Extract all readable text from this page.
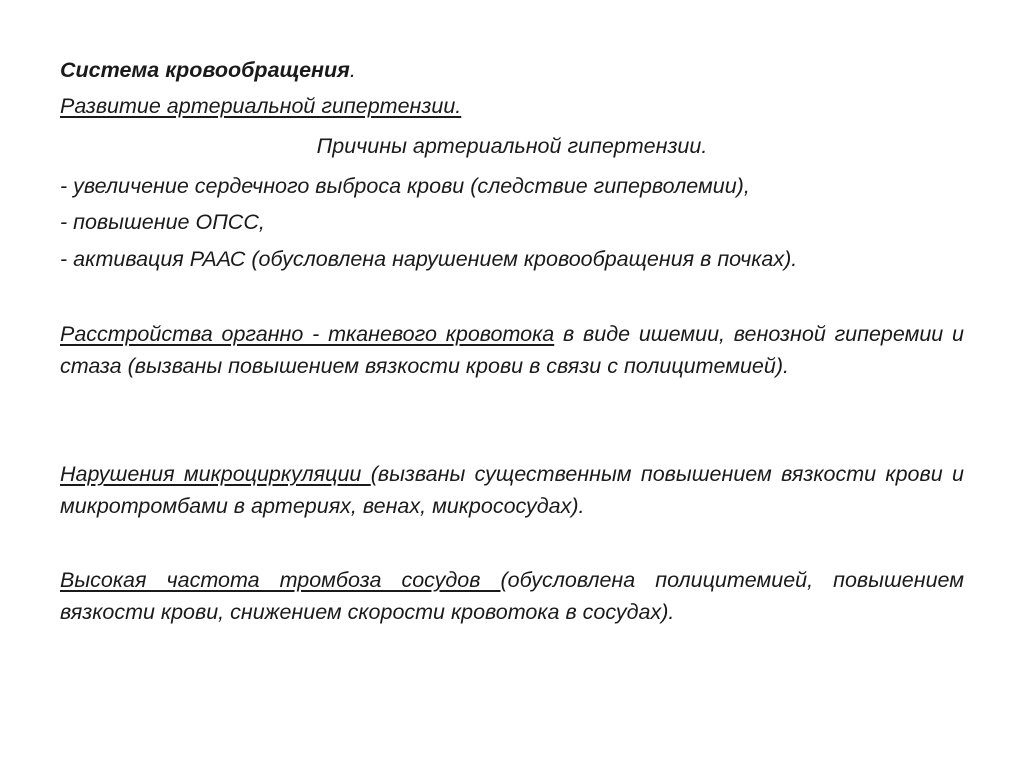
Система кровообращения.
Развитие артериальной гипертензии.
Причины артериальной гипертензии.
- увеличение сердечного выброса крови (следствие гиперволемии),
- повышение ОПСС,
- активация РААС (обусловлена нарушением кровообращения в почках).
Расстройства органно - тканевого кровотока в виде ишемии, венозной гиперемии и стаза (вызваны повышением вязкости крови в связи с полицитемией).
Нарушения микроциркуляции (вызваны существенным повышением вязкости крови и микротромбами в артериях, венах, микрососудах).
Высокая частота тромбоза сосудов (обусловлена полицитемией, повышением вязкости крови, снижением скорости кровотока в сосудах).
